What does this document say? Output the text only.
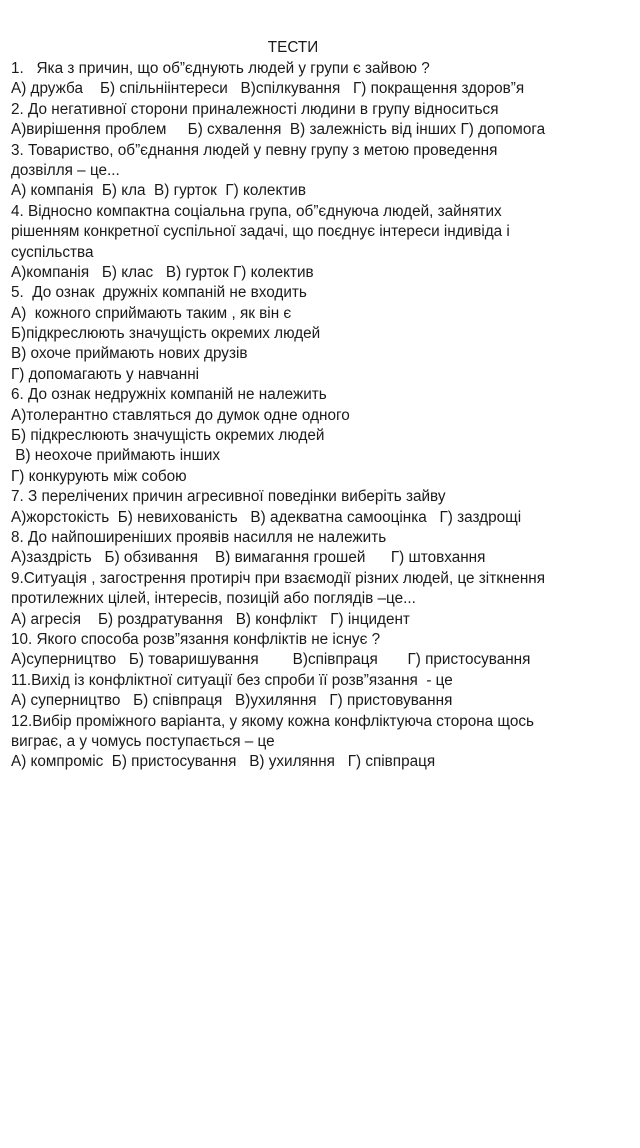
ТЕСТИ
1.   Яка з причин, що об”єднують людей у групи є зайвою ?
А) дружба    Б) спільніінтереси   В)спілкування   Г) покращення здоров”я
2. До негативної сторони приналежності людини в групу відноситься
А)вирішення проблем     Б) схвалення  В) залежність від інших Г) допомога
3. Товариство, об”єднання людей у певну групу з метою проведення
дозвілля – це...
А) компанія  Б) кла  В) гурток  Г) колектив
4. Відносно компактна соціальна група, об”єднуюча людей, зайнятих
рішенням конкретної суспільної задачі, що поєднує інтереси індивіда і
суспільства
А)компанія   Б) клас   В) гурток Г) колектив
5.  До ознак  дружніх компаній не входить
А)  кожного сприймають таким , як він є
Б)підкреслюють значущість окремих людей
В) охоче приймають нових друзів
Г) допомагають у навчанні
6. До ознак недружніх компаній не належить
А)толерантно ставляться до думок одне одного
Б) підкреслюють значущість окремих людей
В) неохоче приймають інших
Г) конкурують між собою
7. З перелічених причин агресивної поведінки виберіть зайву
А)жорстокість  Б) невихованість   В) адекватна самооцінка   Г) заздрощі
8. До найпоширеніших проявів насилля не належить
А)заздрість   Б) обзивання    В) вимагання грошей      Г) штовхання
9.Ситуація , загострення протиріч при взаємодії різних людей, це зіткнення
протилежних цілей, інтересів, позицій або поглядів –це...
А) агресія    Б) роздратування   В) конфлікт   Г) інцидент
10. Якого способа розв”язання конфліктів не існує ?
А)суперництво   Б) товаришування        В)співпраця       Г) пристосування
11.Вихід із конфліктної ситуації без спроби її розв”язання  - це
А) суперництво   Б) співпраця   В)ухиляння   Г) пристовування
12.Вибір проміжного варіанта, у якому кожна конфліктуюча сторона щось
виграє, а у чомусь поступається – це
А) компроміс  Б) пристосування   В) ухиляння   Г) співпраця
